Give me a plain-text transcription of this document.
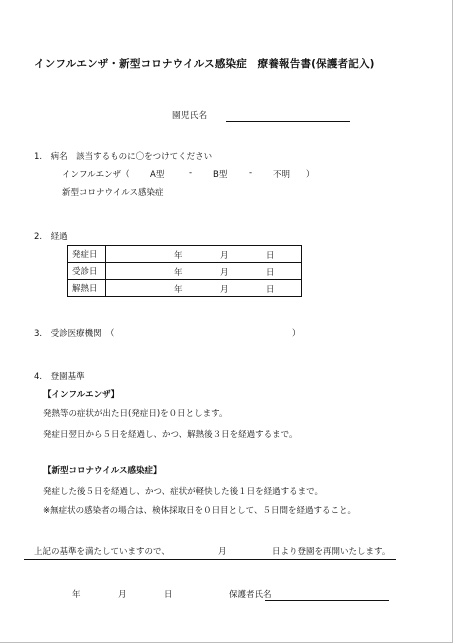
インフルエンザ・新型コロナウイルス感染症　療養報告書(保護者記入)
園児氏名
1.　病名　該当するものに〇をつけてください
インフルエンザ（ A型	- B型	- 不明 ）
新型コロナウイルス感染症
2.　経過
発症日	年 月 日

受診日	年 月 日

解熱日	年 月 日
3.　受診医療機関　（	）
4.　登園基準
【インフルエンザ】
発熱等の症状が出た日(発症日)を０日とします。
発症日翌日から５日を経過し、かつ、解熱後３日を経過するまで。
【新型コロナウイルス感染症】
発症した後５日を経過し、かつ、症状が軽快した後１日を経過するまで。
※無症状の感染者の場合は、検体採取日を０日目として、５日間を経過すること。
上記の基準を満たしていますので、	月	日より登園を再開いたします。
年	月	日	保護者氏名
